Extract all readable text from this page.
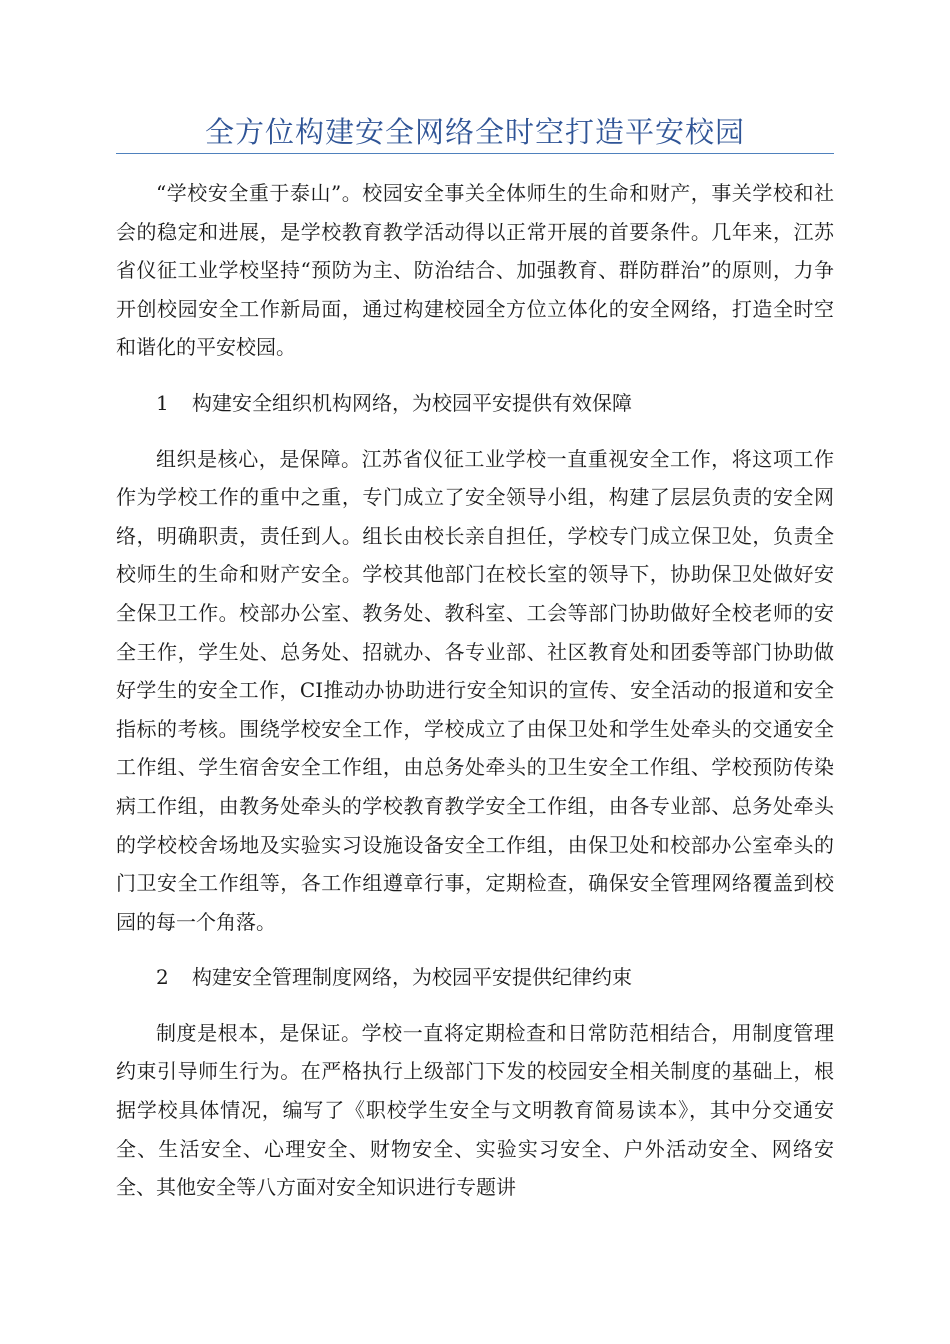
全方位构建安全网络全时空打造平安校园

“学校安全重于泰山”。校园安全事关全体师生的生命和财产，事关学校和社会的稳定和进展，是学校教育教学活动得以正常开展的首要条件。几年来，江苏省仪征工业学校坚持“预防为主、防治结合、加强教育、群防群治”的原则，力争开创校园安全工作新局面，通过构建校园全方位立体化的安全网络，打造全时空和谐化的平安校园。

1 构建安全组织机构网络，为校园平安提供有效保障

组织是核心，是保障。江苏省仪征工业学校一直重视安全工作，将这项工作作为学校工作的重中之重，专门成立了安全领导小组，构建了层层负责的安全网络，明确职责，责任到人。组长由校长亲自担任，学校专门成立保卫处，负责全校师生的生命和财产安全。学校其他部门在校长室的领导下，协助保卫处做好安全保卫工作。校部办公室、教务处、教科室、工会等部门协助做好全校老师的安全王作，学生处、总务处、招就办、各专业部、社区教育处和团委等部门协助做好学生的安全工作，CI推动办协助进行安全知识的宣传、安全活动的报道和安全指标的考核。围绕学校安全工作，学校成立了由保卫处和学生处牵头的交通安全工作组、学生宿舍安全工作组，由总务处牵头的卫生安全工作组、学校预防传染病工作组，由教务处牵头的学校教育教学安全工作组，由各专业部、总务处牵头的学校校舍场地及实验实习设施设备安全工作组，由保卫处和校部办公室牵头的门卫安全工作组等，各工作组遵章行事，定期检查，确保安全管理网络覆盖到校园的每一个角落。

2 构建安全管理制度网络，为校园平安提供纪律约束

制度是根本，是保证。学校一直将定期检查和日常防范相结合，用制度管理约束引导师生行为。在严格执行上级部门下发的校园安全相关制度的基础上，根据学校具体情况，编写了《职校学生安全与文明教育简易读本》，其中分交通安全、生活安全、心理安全、财物安全、实验实习安全、户外活动安全、网络安全、其他安全等八方面对安全知识进行专题讲
